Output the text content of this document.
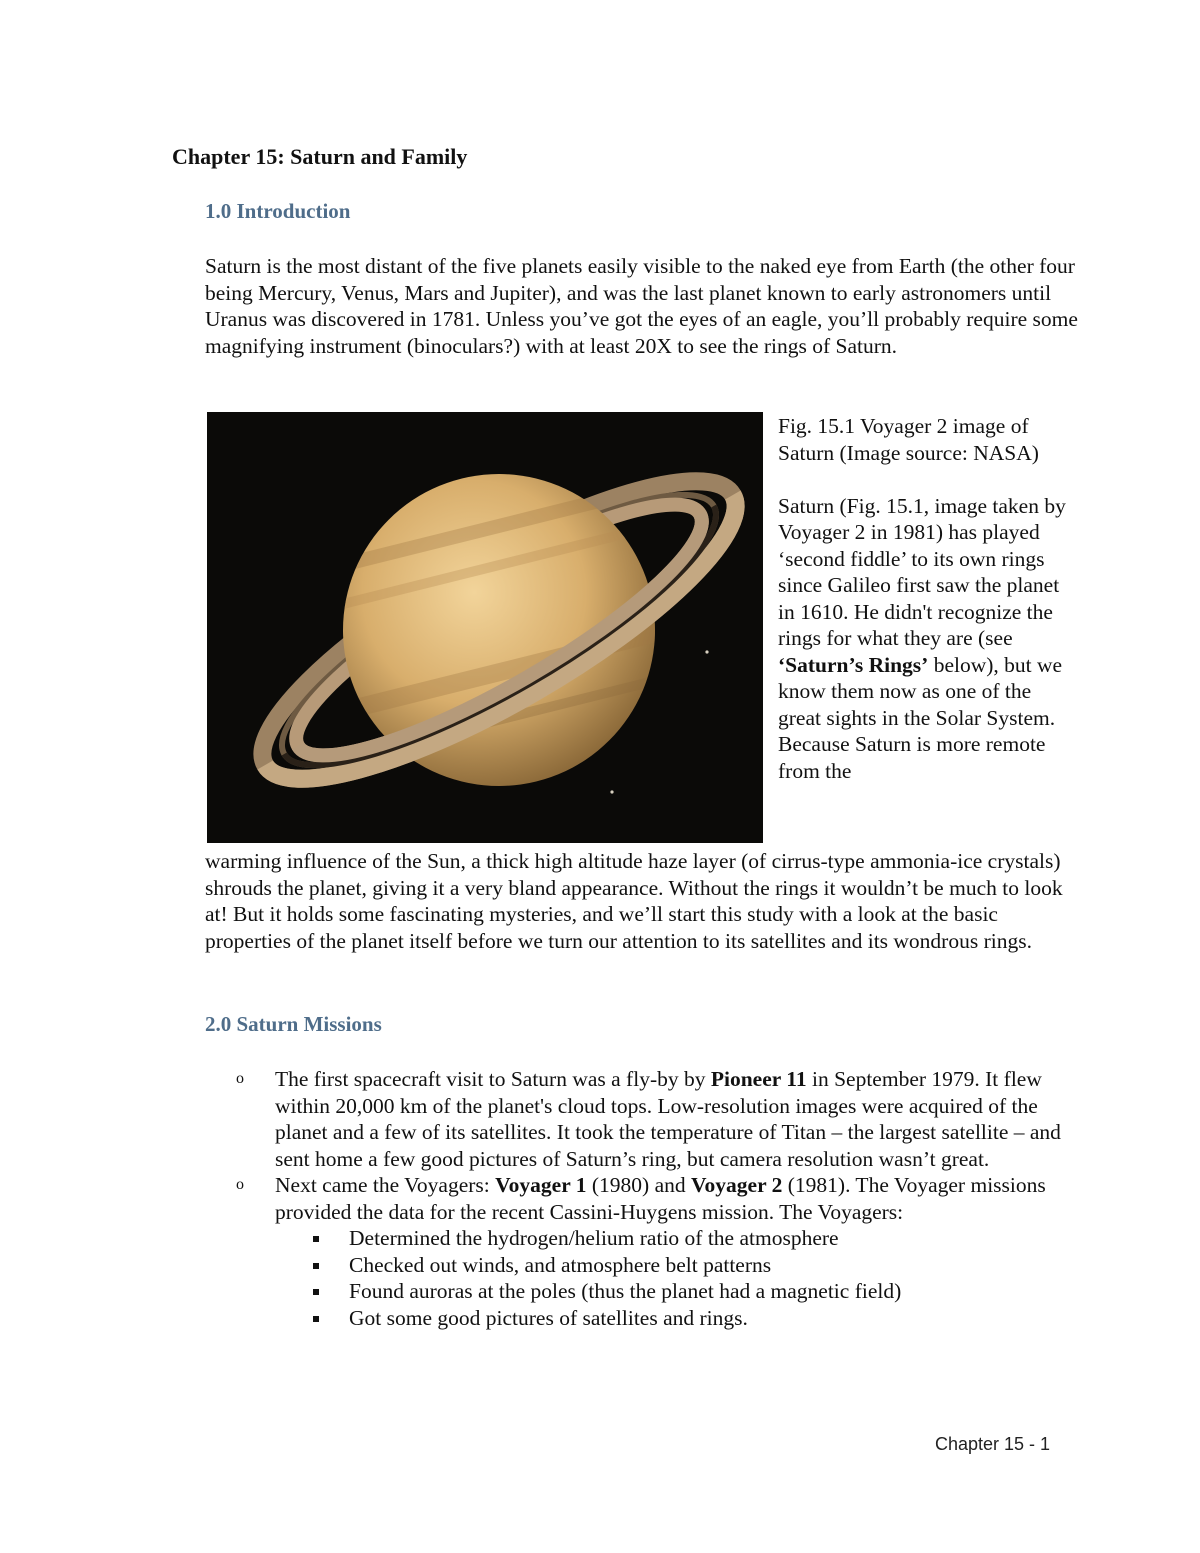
Chapter 15: Saturn and Family
1.0 Introduction

Saturn is the most distant of the five planets easily visible to the naked eye from Earth (the other four being Mercury, Venus, Mars and Jupiter), and was the last planet known to early astronomers until Uranus was discovered in 1781. Unless you’ve got the eyes of an eagle, you’ll probably require some magnifying instrument (binoculars?) with at least 20X to see the rings of Saturn.

Fig. 15.1 Voyager 2 image of Saturn (Image source: NASA)

Saturn (Fig. 15.1, image taken by Voyager 2 in 1981) has played ‘second fiddle’ to its own rings since Galileo first saw the planet in 1610. He didn't recognize the rings for what they are (see ‘Saturn’s Rings’ below), but we know them now as one of the great sights in the Solar System. Because Saturn is more remote from the

warming influence of the Sun, a thick high altitude haze layer (of cirrus-type ammonia-ice crystals) shrouds the planet, giving it a very bland appearance. Without the rings it wouldn’t be much to look at! But it holds some fascinating mysteries, and we’ll start this study with a look at the basic properties of the planet itself before we turn our attention to its satellites and its wondrous rings.

2.0 Saturn Missions
o The first spacecraft visit to Saturn was a fly-by by Pioneer 11 in September 1979. It flew within 20,000 km of the planet's cloud tops. Low-resolution images were acquired of the planet and a few of its satellites. It took the temperature of Titan – the largest satellite – and sent home a few good pictures of Saturn’s ring, but camera resolution wasn’t great.
o Next came the Voyagers: Voyager 1 (1980) and Voyager 2 (1981). The Voyager missions provided the data for the recent Cassini-Huygens mission. The Voyagers:
Determined the hydrogen/helium ratio of the atmosphere
Checked out winds, and atmosphere belt patterns
Found auroras at the poles (thus the planet had a magnetic field)
Got some good pictures of satellites and rings.

Chapter 15 - 1
